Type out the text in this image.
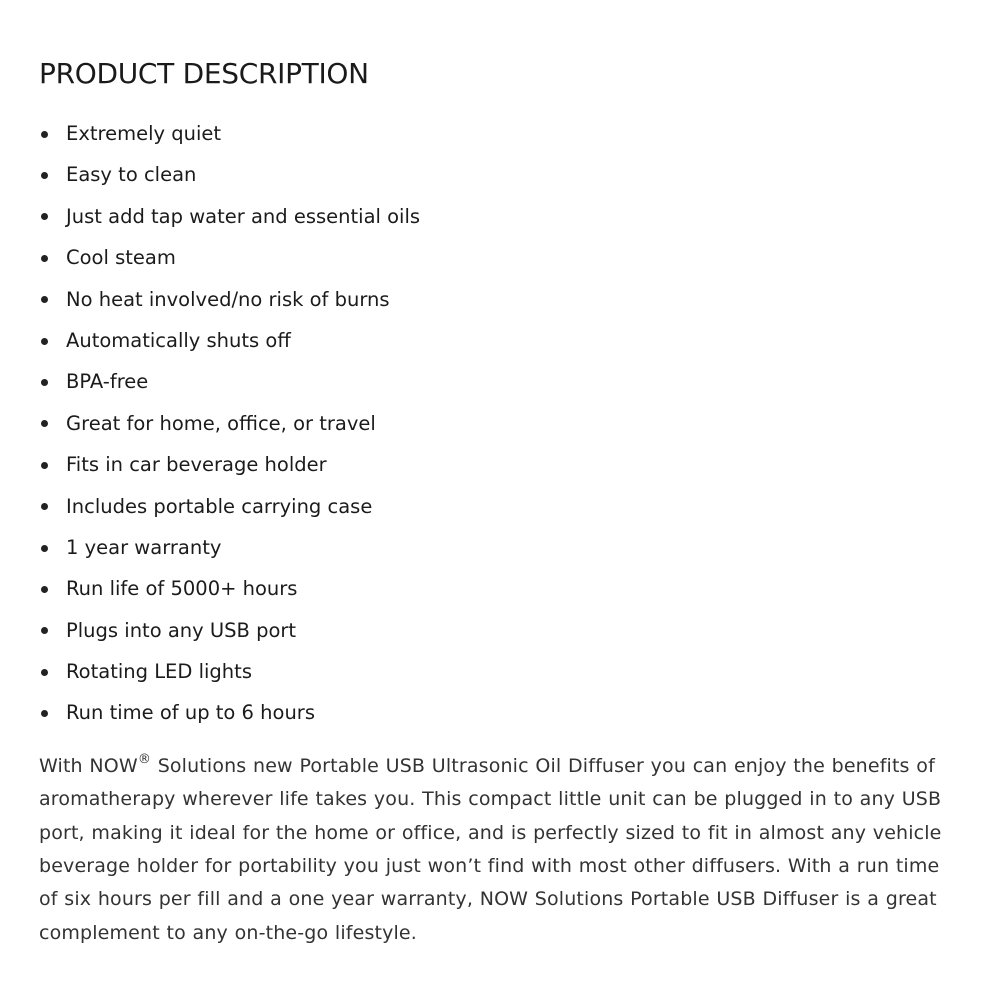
PRODUCT DESCRIPTION
Extremely quiet
Easy to clean
Just add tap water and essential oils
Cool steam
No heat involved/no risk of burns
Automatically shuts off
BPA-free
Great for home, office, or travel
Fits in car beverage holder
Includes portable carrying case
1 year warranty
Run life of 5000+ hours
Plugs into any USB port
Rotating LED lights
Run time of up to 6 hours

With NOW® Solutions new Portable USB Ultrasonic Oil Diffuser you can enjoy the benefits of
aromatherapy wherever life takes you. This compact little unit can be plugged in to any USB
port, making it ideal for the home or office, and is perfectly sized to fit in almost any vehicle
beverage holder for portability you just won’t find with most other diffusers. With a run time
of six hours per fill and a one year warranty, NOW Solutions Portable USB Diffuser is a great
complement to any on-the-go lifestyle.
